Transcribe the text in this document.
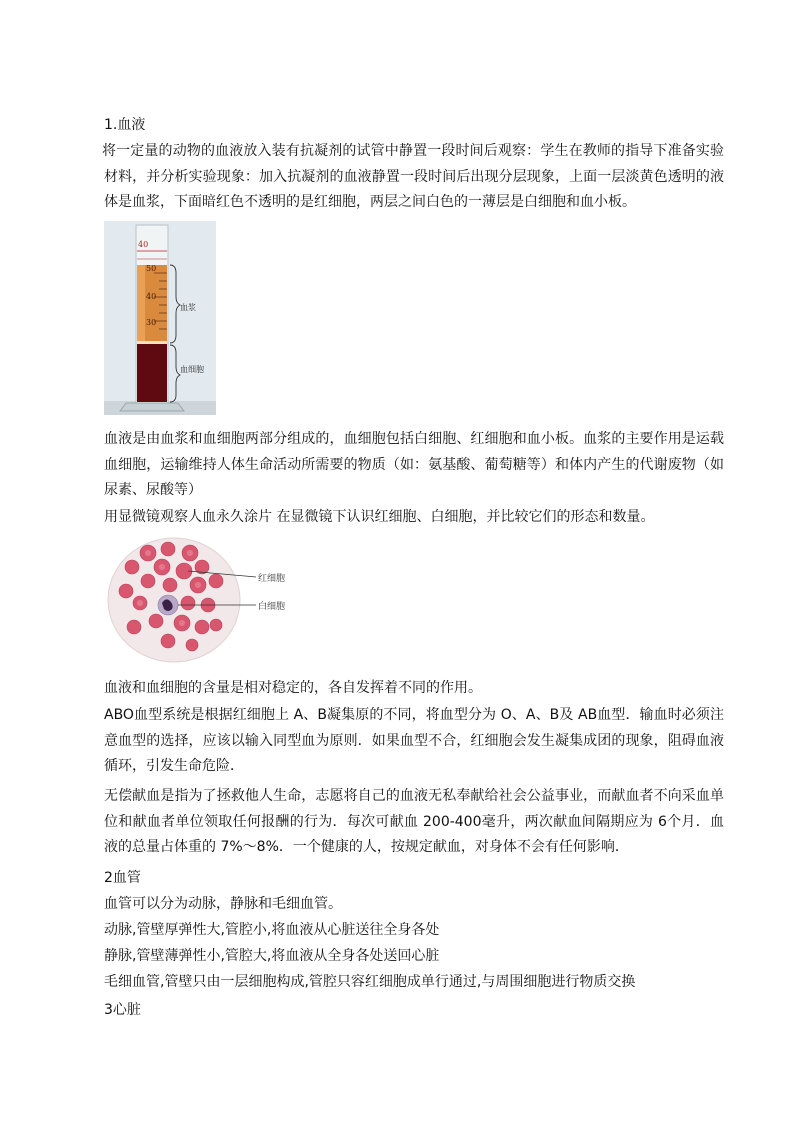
1.血液

将一定量的动物的血液放入装有抗凝剂的试管中静置一段时间后观察：学生在教师的指导下准备实验材料，并分析实验现象：加入抗凝剂的血液静置一段时间后出现分层现象，上面一层淡黄色透明的液体是血浆，下面暗红色不透明的是红细胞，两层之间白色的一薄层是白细胞和血小板。

40
50
40
30
血浆
血细胞

血液是由血浆和血细胞两部分组成的，血细胞包括白细胞、红细胞和血小板。血浆的主要作用是运载血细胞，运输维持人体生命活动所需要的物质（如：氨基酸、葡萄糖等）和体内产生的代谢废物（如尿素、尿酸等）

用显微镜观察人血永久涂片 在显微镜下认识红细胞、白细胞，并比较它们的形态和数量。

红细胞
白细胞

血液和血细胞的含量是相对稳定的，各自发挥着不同的作用。

ABO血型系统是根据红细胞上 A、B凝集原的不同，将血型分为 O、A、B及 AB血型．输血时必须注意血型的选择，应该以输入同型血为原则．如果血型不合，红细胞会发生凝集成团的现象，阻碍血液循环，引发生命危险．

无偿献血是指为了拯救他人生命，志愿将自己的血液无私奉献给社会公益事业，而献血者不向采血单位和献血者单位领取任何报酬的行为．每次可献血 200-400毫升，两次献血间隔期应为 6个月．血液的总量占体重的 7%～8%．一个健康的人，按规定献血，对身体不会有任何影响．

2血管

血管可以分为动脉，静脉和毛细血管。

动脉,管壁厚弹性大,管腔小,将血液从心脏送往全身各处

静脉,管壁薄弹性小,管腔大,将血液从全身各处送回心脏

毛细血管,管壁只由一层细胞构成,管腔只容红细胞成单行通过,与周围细胞进行物质交换

3心脏
